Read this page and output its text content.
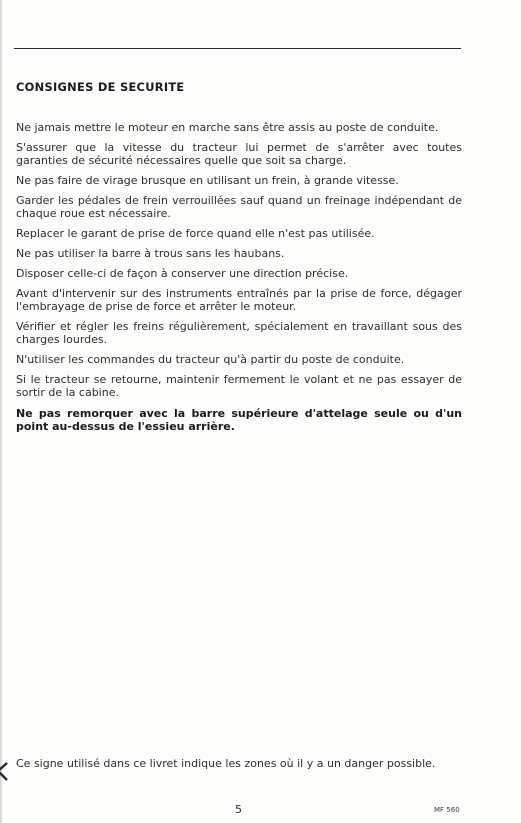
CONSIGNES DE SECURITE
Ne jamais mettre le moteur en marche sans être assis au poste de conduite.
S'assurer que la vitesse du tracteur lui permet de s'arrêter avec toutes garanties de sécurité nécessaires quelle que soit sa charge.
Ne pas faire de virage brusque en utilisant un frein, à grande vitesse.
Garder les pédales de frein verrouillées sauf quand un freinage indépendant de chaque roue est nécessaire.
Replacer le garant de prise de force quand elle n'est pas utilisée.
Ne pas utiliser la barre à trous sans les haubans.
Disposer celle-ci de façon à conserver une direction précise.
Avant d'intervenir sur des instruments entraînés par la prise de force, dégager l'embrayage de prise de force et arrêter le moteur.
Vérifier et régler les freins régulièrement, spécialement en travaillant sous des charges lourdes.
N'utiliser les commandes du tracteur qu'à partir du poste de conduite.
Si le tracteur se retourne, maintenir fermement le volant et ne pas essayer de sortir de la cabine.
Ne pas remorquer avec la barre supérieure d'attelage seule ou d'un point au-dessus de l'essieu arrière.

Ce signe utilisé dans ce livret indique les zones où il y a un danger possible.

5	MF 560
